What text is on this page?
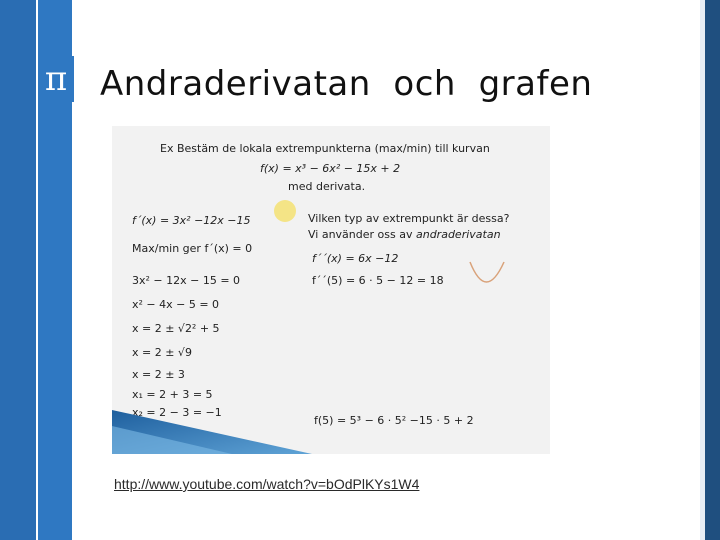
π Andraderivatan  och  grafen
Ex Bestäm de lokala extrempunkterna (max/min) till kurvan
f(x) = x³ − 6x² − 15x + 2
med derivata.
f´(x) = 3x² −12x −15	Vilken typ av extrempunkt är dessa?
Vi använder oss av andraderivatan
Max/min ger f´(x) = 0
f´´(x) = 6x −12
f´´(5) = 6 · 5 − 12 = 18
3x² − 12x − 15 = 0
x² − 4x − 5 = 0
x = 2 ± √2² + 5
x = 2 ± √9
x = 2 ± 3
x₁ = 2 + 3 = 5
x₂ = 2 − 3 = −1
f(5) = 5³ − 6 · 5² −15 · 5 + 2
http://www.youtube.com/watch?v=bOdPlKYs1W4
